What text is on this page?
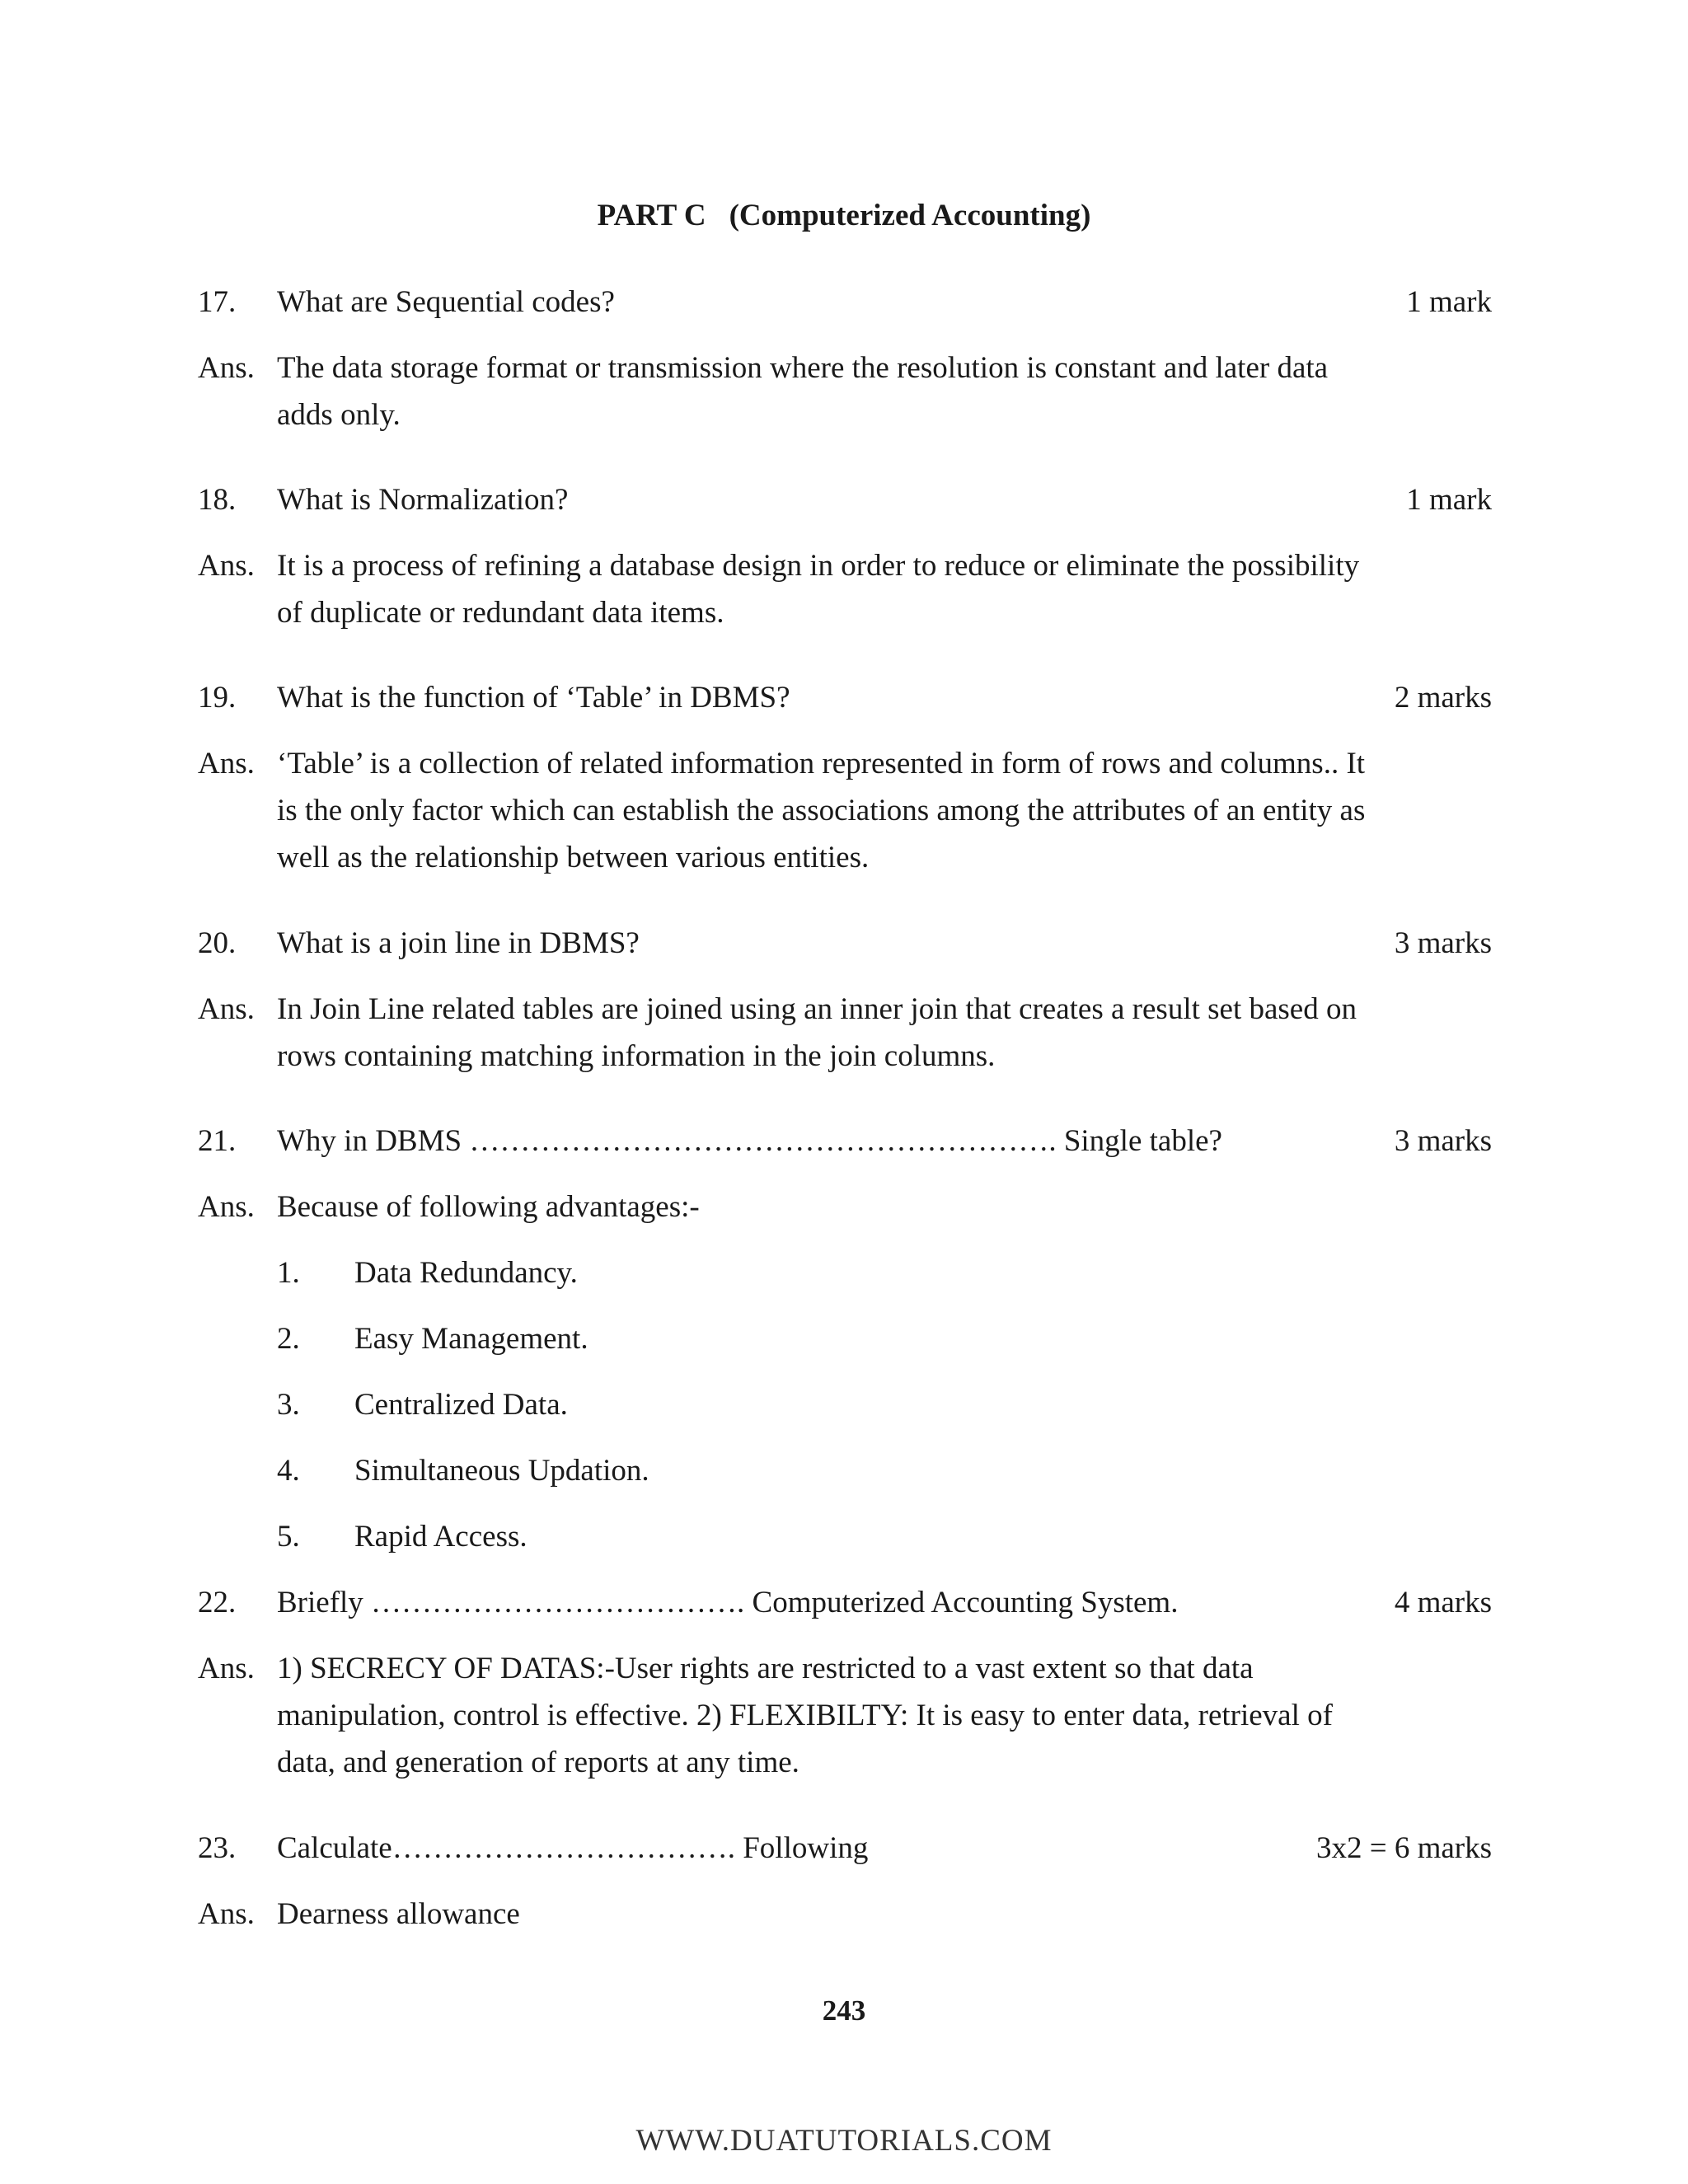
PART C (Computerized Accounting)
17. What are Sequential codes?	1 mark
Ans. The data storage format or transmission where the resolution is constant and later data adds only.
18. What is Normalization?	1 mark
Ans. It is a process of refining a database design in order to reduce or eliminate the possibility of duplicate or redundant data items.
19. What is the function of ‘Table’ in DBMS?	2 marks
Ans. ‘Table’ is a collection of related information represented in form of rows and columns.. It is the only factor which can establish the associations among the attributes of an entity as well as the relationship between various entities.
20. What is a join line in DBMS?	3 marks
Ans. In Join Line related tables are joined using an inner join that creates a result set based on rows containing matching information in the join columns.
21. Why in DBMS …………………………………………………. Single table?	3 marks
Ans. Because of following advantages:-
1. Data Redundancy.
2. Easy Management.
3. Centralized Data.
4. Simultaneous Updation.
5. Rapid Access.
22. Briefly ………………………………. Computerized Accounting System.	4 marks
Ans. 1) SECRECY OF DATAS:-User rights are restricted to a vast extent so that data manipulation, control is effective. 2) FLEXIBILTY: It is easy to enter data, retrieval of data, and generation of reports at any time.
23. Calculate……………………………. Following	3x2 = 6 marks
Ans. Dearness allowance
243
WWW.DUATUTORIALS.COM
